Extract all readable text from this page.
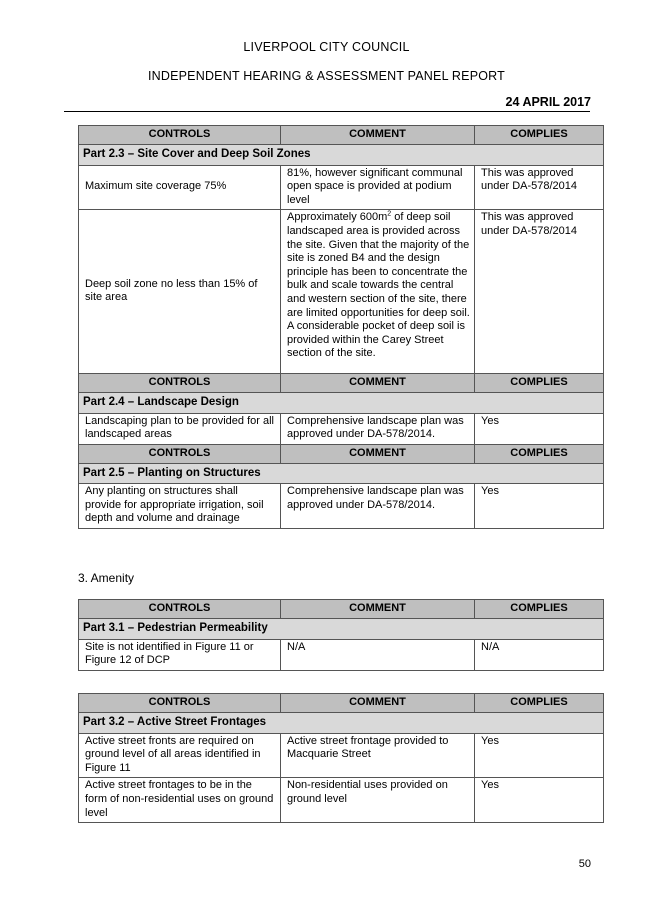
LIVERPOOL CITY COUNCIL
INDEPENDENT HEARING & ASSESSMENT PANEL REPORT
24 APRIL 2017
CONTROLS	COMMENT	COMPLIES
Part 2.3 – Site Cover and Deep Soil Zones		
Maximum site coverage 75%	81%, however significant communal open space is provided at podium level	This was approved under DA-578/2014
Deep soil zone no less than 15% of site area	Approximately $600m^2$ of deep soil landscaped area is provided across the site. Given that the majority of the site is zoned B4 and the design principle has been to concentrate the bulk and scale towards the central and western section of the site, there are limited opportunities for deep soil. A considerable pocket of deep soil is provided within the Carey Street section of the site.	This was approved under DA-578/2014
CONTROLS	COMMENT	COMPLIES
Part 2.4 – Landscape Design		
Landscaping plan to be provided for all landscaped areas	Comprehensive landscape plan was approved under DA-578/2014.	Yes
CONTROLS	COMMENT	COMPLIES
Part 2.5 – Planting on Structures		
Any planting on structures shall provide for appropriate irrigation, soil depth and volume and drainage	Comprehensive landscape plan was approved under DA-578/2014.	Yes
3. Amenity
CONTROLS	COMMENT	COMPLIES
Part 3.1 – Pedestrian Permeability		
Site is not identified in Figure 11 or Figure 12 of DCP	N/A	N/A
CONTROLS	COMMENT	COMPLIES
Part 3.2 – Active Street Frontages		
Active street fronts are required on ground level of all areas identified in Figure 11	Active street frontage provided to Macquarie Street	Yes
Active street frontages to be in the form of non-residential uses on ground level	Non-residential uses provided on ground level	Yes
50
